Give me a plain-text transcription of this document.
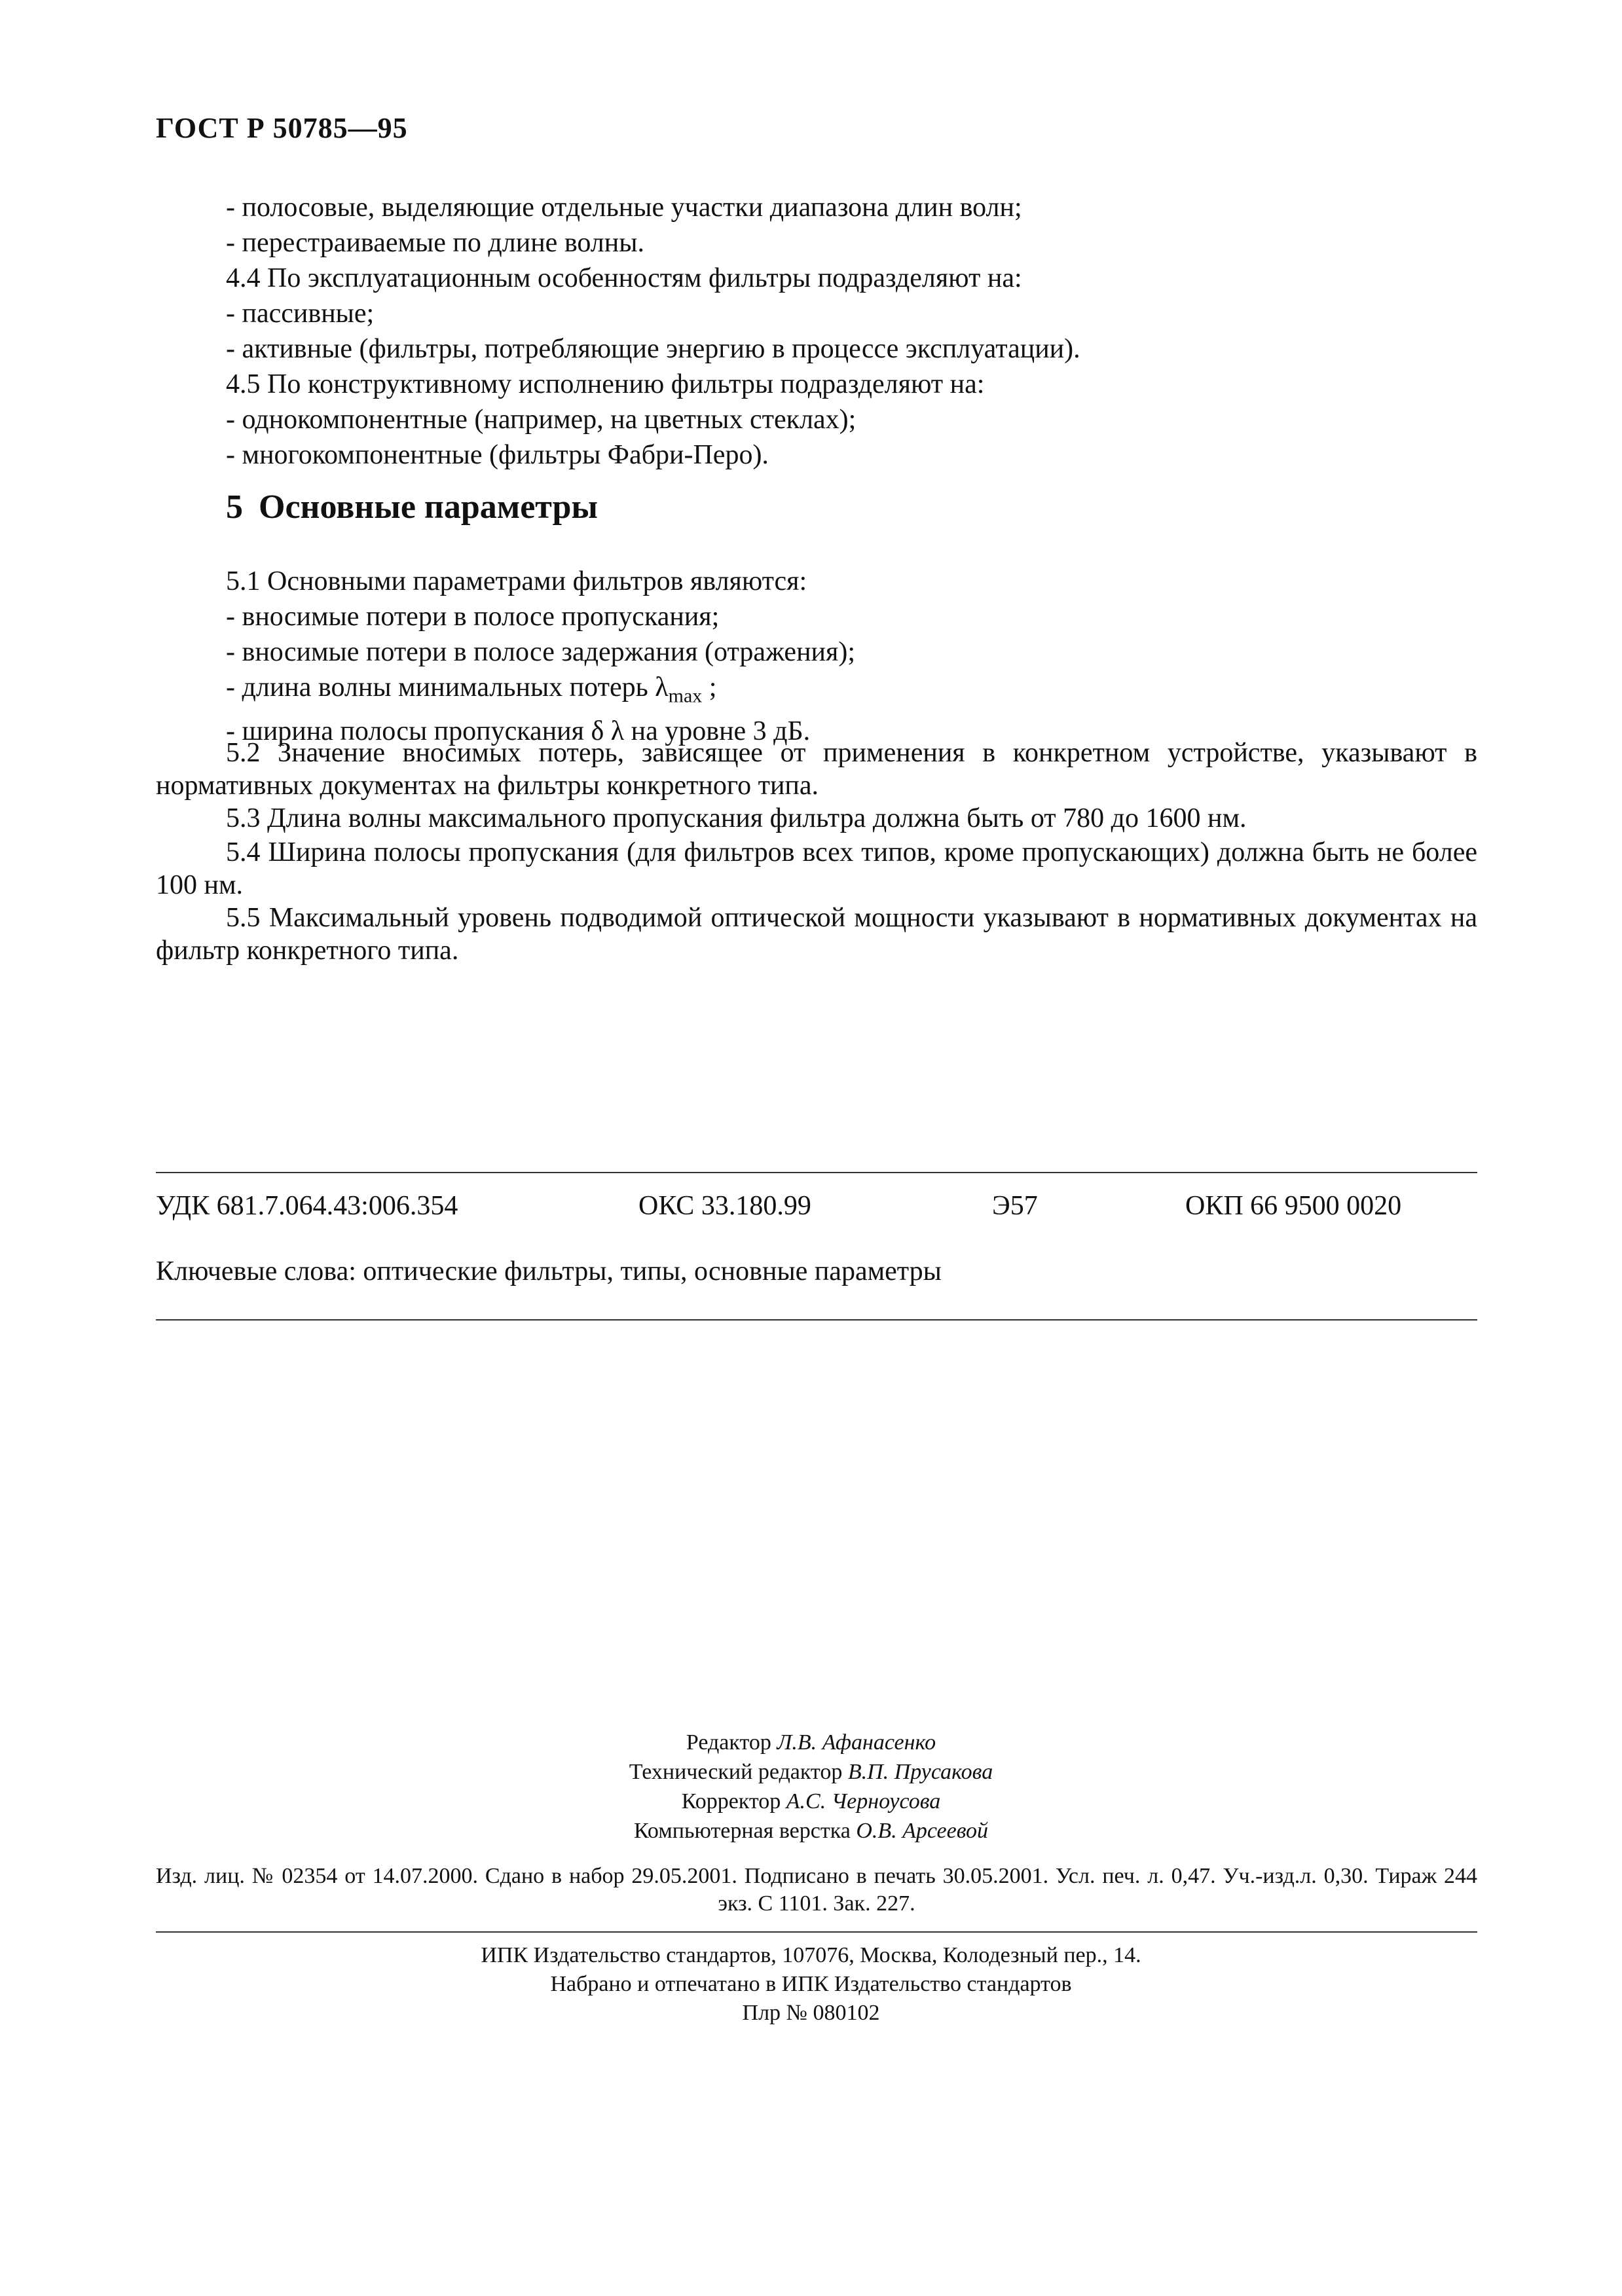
ГОСТ Р 50785—95
- полосовые, выделяющие отдельные участки диапазона длин волн;
- перестраиваемые по длине волны.
4.4 По эксплуатационным особенностям фильтры подразделяют на:
- пассивные;
- активные (фильтры, потребляющие энергию в процессе эксплуатации).
4.5 По конструктивному исполнению фильтры подразделяют на:
- однокомпонентные (например, на цветных стеклах);
- многокомпонентные (фильтры Фабри-Перо).
5 Основные параметры
5.1 Основными параметрами фильтров являются:
- вносимые потери в полосе пропускания;
- вносимые потери в полосе задержания (отражения);
- длина волны минимальных потерь $\lambda_{max}$ ;
- ширина полосы пропускания δ λ на уровне 3 дБ.

5.2 Значение вносимых потерь, зависящее от применения в конкретном устройстве, указывают в нормативных документах на фильтры конкретного типа.

5.3 Длина волны максимального пропускания фильтра должна быть от 780 до 1600 нм.

5.4 Ширина полосы пропускания (для фильтров всех типов, кроме пропускающих) должна быть не более 100 нм.

5.5 Максимальный уровень подводимой оптической мощности указывают в нормативных документах на фильтр конкретного типа.

УДК 681.7.064.43:006.354	ОКС 33.180.99	Э57	ОКП 66 9500 0020
Ключевые слова: оптические фильтры, типы, основные параметры
Редактор Л.В. Афанасенко
Технический редактор В.П. Прусакова
Корректор А.С. Черноусова
Компьютерная верстка О.В. Арсеевой

Изд. лиц. № 02354 от 14.07.2000. Сдано в набор 29.05.2001. Подписано в печать 30.05.2001. Усл. печ. л. 0,47. Уч.-изд.л. 0,30. Тираж 244 экз. С 1101. Зак. 227.

ИПК Издательство стандартов, 107076, Москва, Колодезный пер., 14.
Набрано и отпечатано в ИПК Издательство стандартов
Плр № 080102
